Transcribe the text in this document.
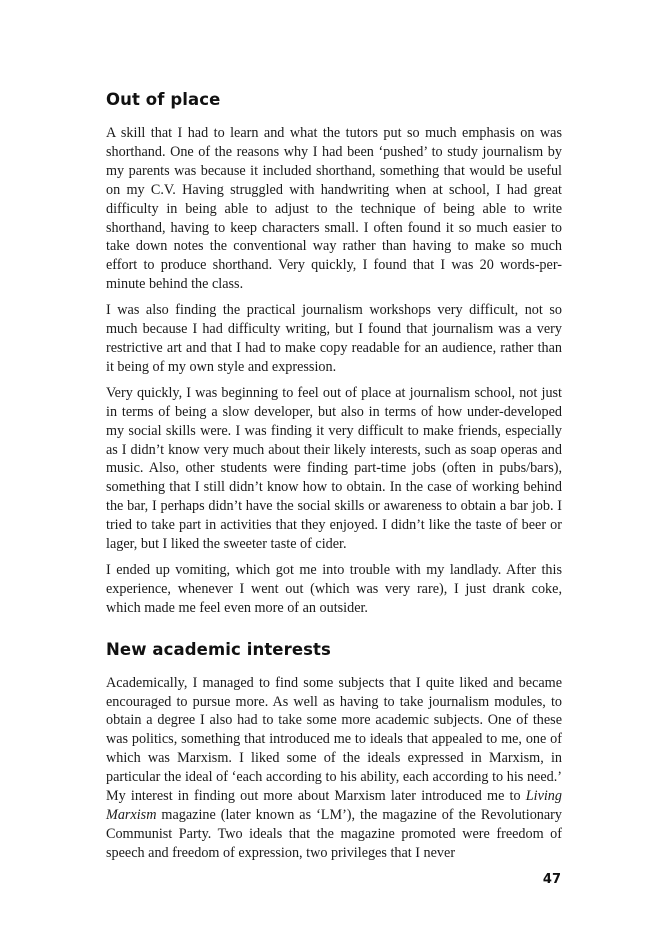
Out of place

A skill that I had to learn and what the tutors put so much emphasis on was shorthand. One of the reasons why I had been ‘pushed’ to study journalism by my parents was because it included shorthand, something that would be useful on my C.V. Having struggled with handwriting when at school, I had great difficulty in being able to adjust to the technique of being able to write shorthand, having to keep characters small. I often found it so much easier to take down notes the conventional way rather than having to make so much effort to produce shorthand. Very quickly, I found that I was 20 words-per-minute behind the class.

I was also finding the practical journalism workshops very difficult, not so much because I had difficulty writing, but I found that journalism was a very restrictive art and that I had to make copy readable for an audience, rather than it being of my own style and expression.

Very quickly, I was beginning to feel out of place at journalism school, not just in terms of being a slow developer, but also in terms of how under-developed my social skills were. I was finding it very difficult to make friends, especially as I didn’t know very much about their likely interests, such as soap operas and music. Also, other students were finding part-time jobs (often in pubs/bars), something that I still didn’t know how to obtain. In the case of working behind the bar, I perhaps didn’t have the social skills or awareness to obtain a bar job. I tried to take part in activities that they enjoyed. I didn’t like the taste of beer or lager, but I liked the sweeter taste of cider.

I ended up vomiting, which got me into trouble with my landlady. After this experience, whenever I went out (which was very rare), I just drank coke, which made me feel even more of an outsider.

New academic interests

Academically, I managed to find some subjects that I quite liked and became encouraged to pursue more. As well as having to take journalism modules, to obtain a degree I also had to take some more academic subjects. One of these was politics, something that introduced me to ideals that appealed to me, one of which was Marxism. I liked some of the ideals expressed in Marxism, in particular the ideal of ‘each according to his ability, each according to his need.’ My interest in finding out more about Marxism later introduced me to Living Marxism magazine (later known as ‘LM’), the magazine of the Revolutionary Communist Party. Two ideals that the magazine promoted were freedom of speech and freedom of expression, two privileges that I never

47
